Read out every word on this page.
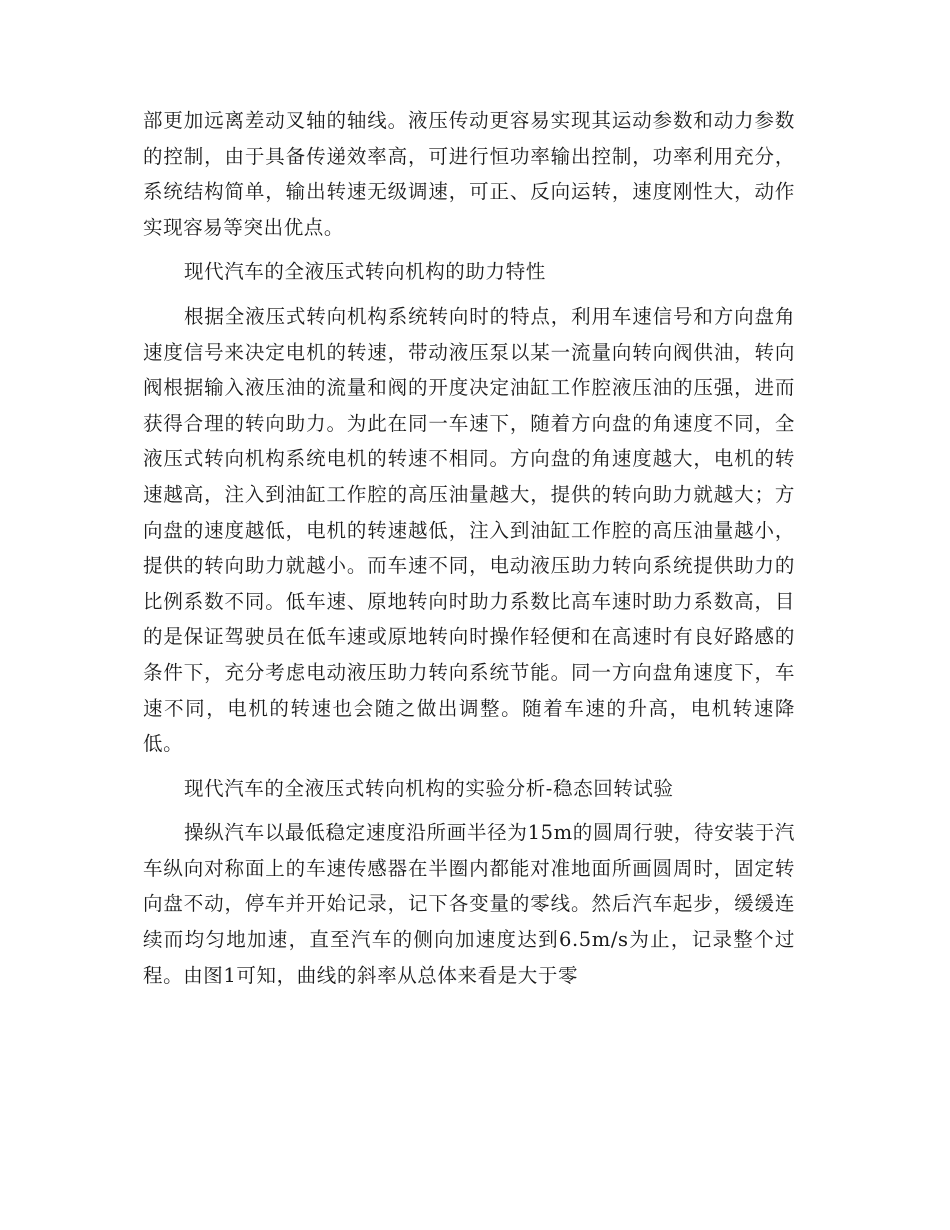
部更加远离差动叉轴的轴线。液压传动更容易实现其运动参数和动力参数的控制，由于具备传递效率高，可进行恒功率输出控制，功率利用充分，系统结构简单，输出转速无级调速，可正、反向运转，速度刚性大，动作实现容易等突出优点。

现代汽车的全液压式转向机构的助力特性

根据全液压式转向机构系统转向时的特点，利用车速信号和方向盘角速度信号来决定电机的转速，带动液压泵以某一流量向转向阀供油，转向阀根据输入液压油的流量和阀的开度决定油缸工作腔液压油的压强，进而获得合理的转向助力。为此在同一车速下，随着方向盘的角速度不同，全液压式转向机构系统电机的转速不相同。方向盘的角速度越大，电机的转速越高，注入到油缸工作腔的高压油量越大，提供的转向助力就越大；方向盘的速度越低，电机的转速越低，注入到油缸工作腔的高压油量越小，提供的转向助力就越小。而车速不同，电动液压助力转向系统提供助力的比例系数不同。低车速、原地转向时助力系数比高车速时助力系数高，目的是保证驾驶员在低车速或原地转向时操作轻便和在高速时有良好路感的条件下，充分考虑电动液压助力转向系统节能。同一方向盘角速度下，车速不同，电机的转速也会随之做出调整。随着车速的升高，电机转速降低。

现代汽车的全液压式转向机构的实验分析-稳态回转试验

操纵汽车以最低稳定速度沿所画半径为15m的圆周行驶，待安装于汽车纵向对称面上的车速传感器在半圈内都能对准地面所画圆周时，固定转向盘不动，停车并开始记录，记下各变量的零线。然后汽车起步，缓缓连续而均匀地加速，直至汽车的侧向加速度达到6.5m/s为止，记录整个过程。由图1可知，曲线的斜率从总体来看是大于零
